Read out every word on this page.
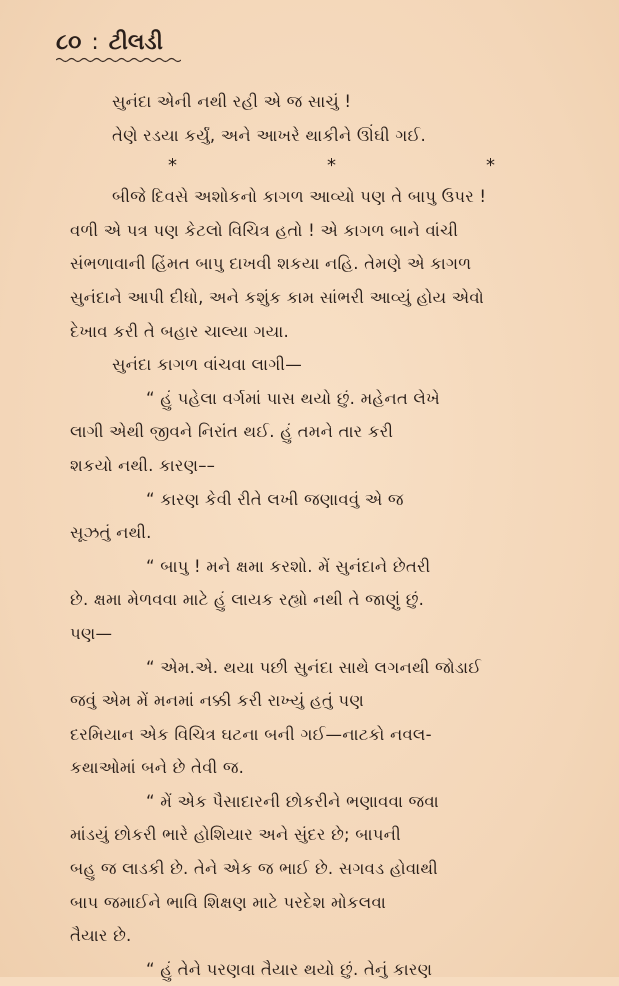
૮૦ : ટીલડી
સુનંદા એની નથી રહી એ જ સાચું !
તેણે રડયા કર્યું, અને આખરે થાકીને ઊંઘી ગઈ.
*	*	*
બીજે દિવસે અશોકનો કાગળ આવ્યો પણ તે બાપુ ઉપર !
વળી એ પત્ર પણ કેટલો વિચિત્ર હતો ! એ કાગળ બાને વાંચી
સંભળાવાની હિંમત બાપુ દાખવી શકયા નહિ. તેમણે એ કાગળ
સુનંદાને આપી દીધો, અને કશુંક કામ સાંભરી આવ્યું હોય એવો
દેખાવ કરી તે બહાર ચાલ્યા ગયા.
સુનંદા કાગળ વાંચવા લાગી—
“ હું પહેલા વર્ગમાં પાસ થયો છું. મહેનત લેખે
લાગી એથી જીવને નિરાંત થઈ. હું તમને તાર કરી
શકયો નથી. કારણ––
“ કારણ કેવી રીતે લખી જણાવવું એ જ
સૂઝતું નથી.
“ બાપુ ! મને ક્ષમા કરશો. મેં સુનંદાને છેતરી
છે. ક્ષમા મેળવવા માટે હું લાયક રહ્યો નથી તે જાણું છું.
પણ—
“ એમ.એ. થયા પછી સુનંદા સાથે લગનથી જોડાઈ
જવું એમ મેં મનમાં નક્કી કરી રાખ્યું હતું પણ
દરમિયાન એક વિચિત્ર ઘટના બની ગઈ—નાટકો નવલ-
કથાઓમાં બને છે તેવી જ.
“ મેં એક પૈસાદારની છોકરીને ભણાવવા જવા
માંડયું છોકરી ભારે હોશિયાર અને સુંદર છે; બાપની
બહુ જ લાડકી છે. તેને એક જ ભાઈ છે. સગવડ હોવાથી
બાપ જમાઈને ભાવિ શિક્ષણ માટે પરદેશ મોકલવા
તૈયાર છે.
“ હું તેને પરણવા તૈયાર થયો છું. તેનું કારણ
